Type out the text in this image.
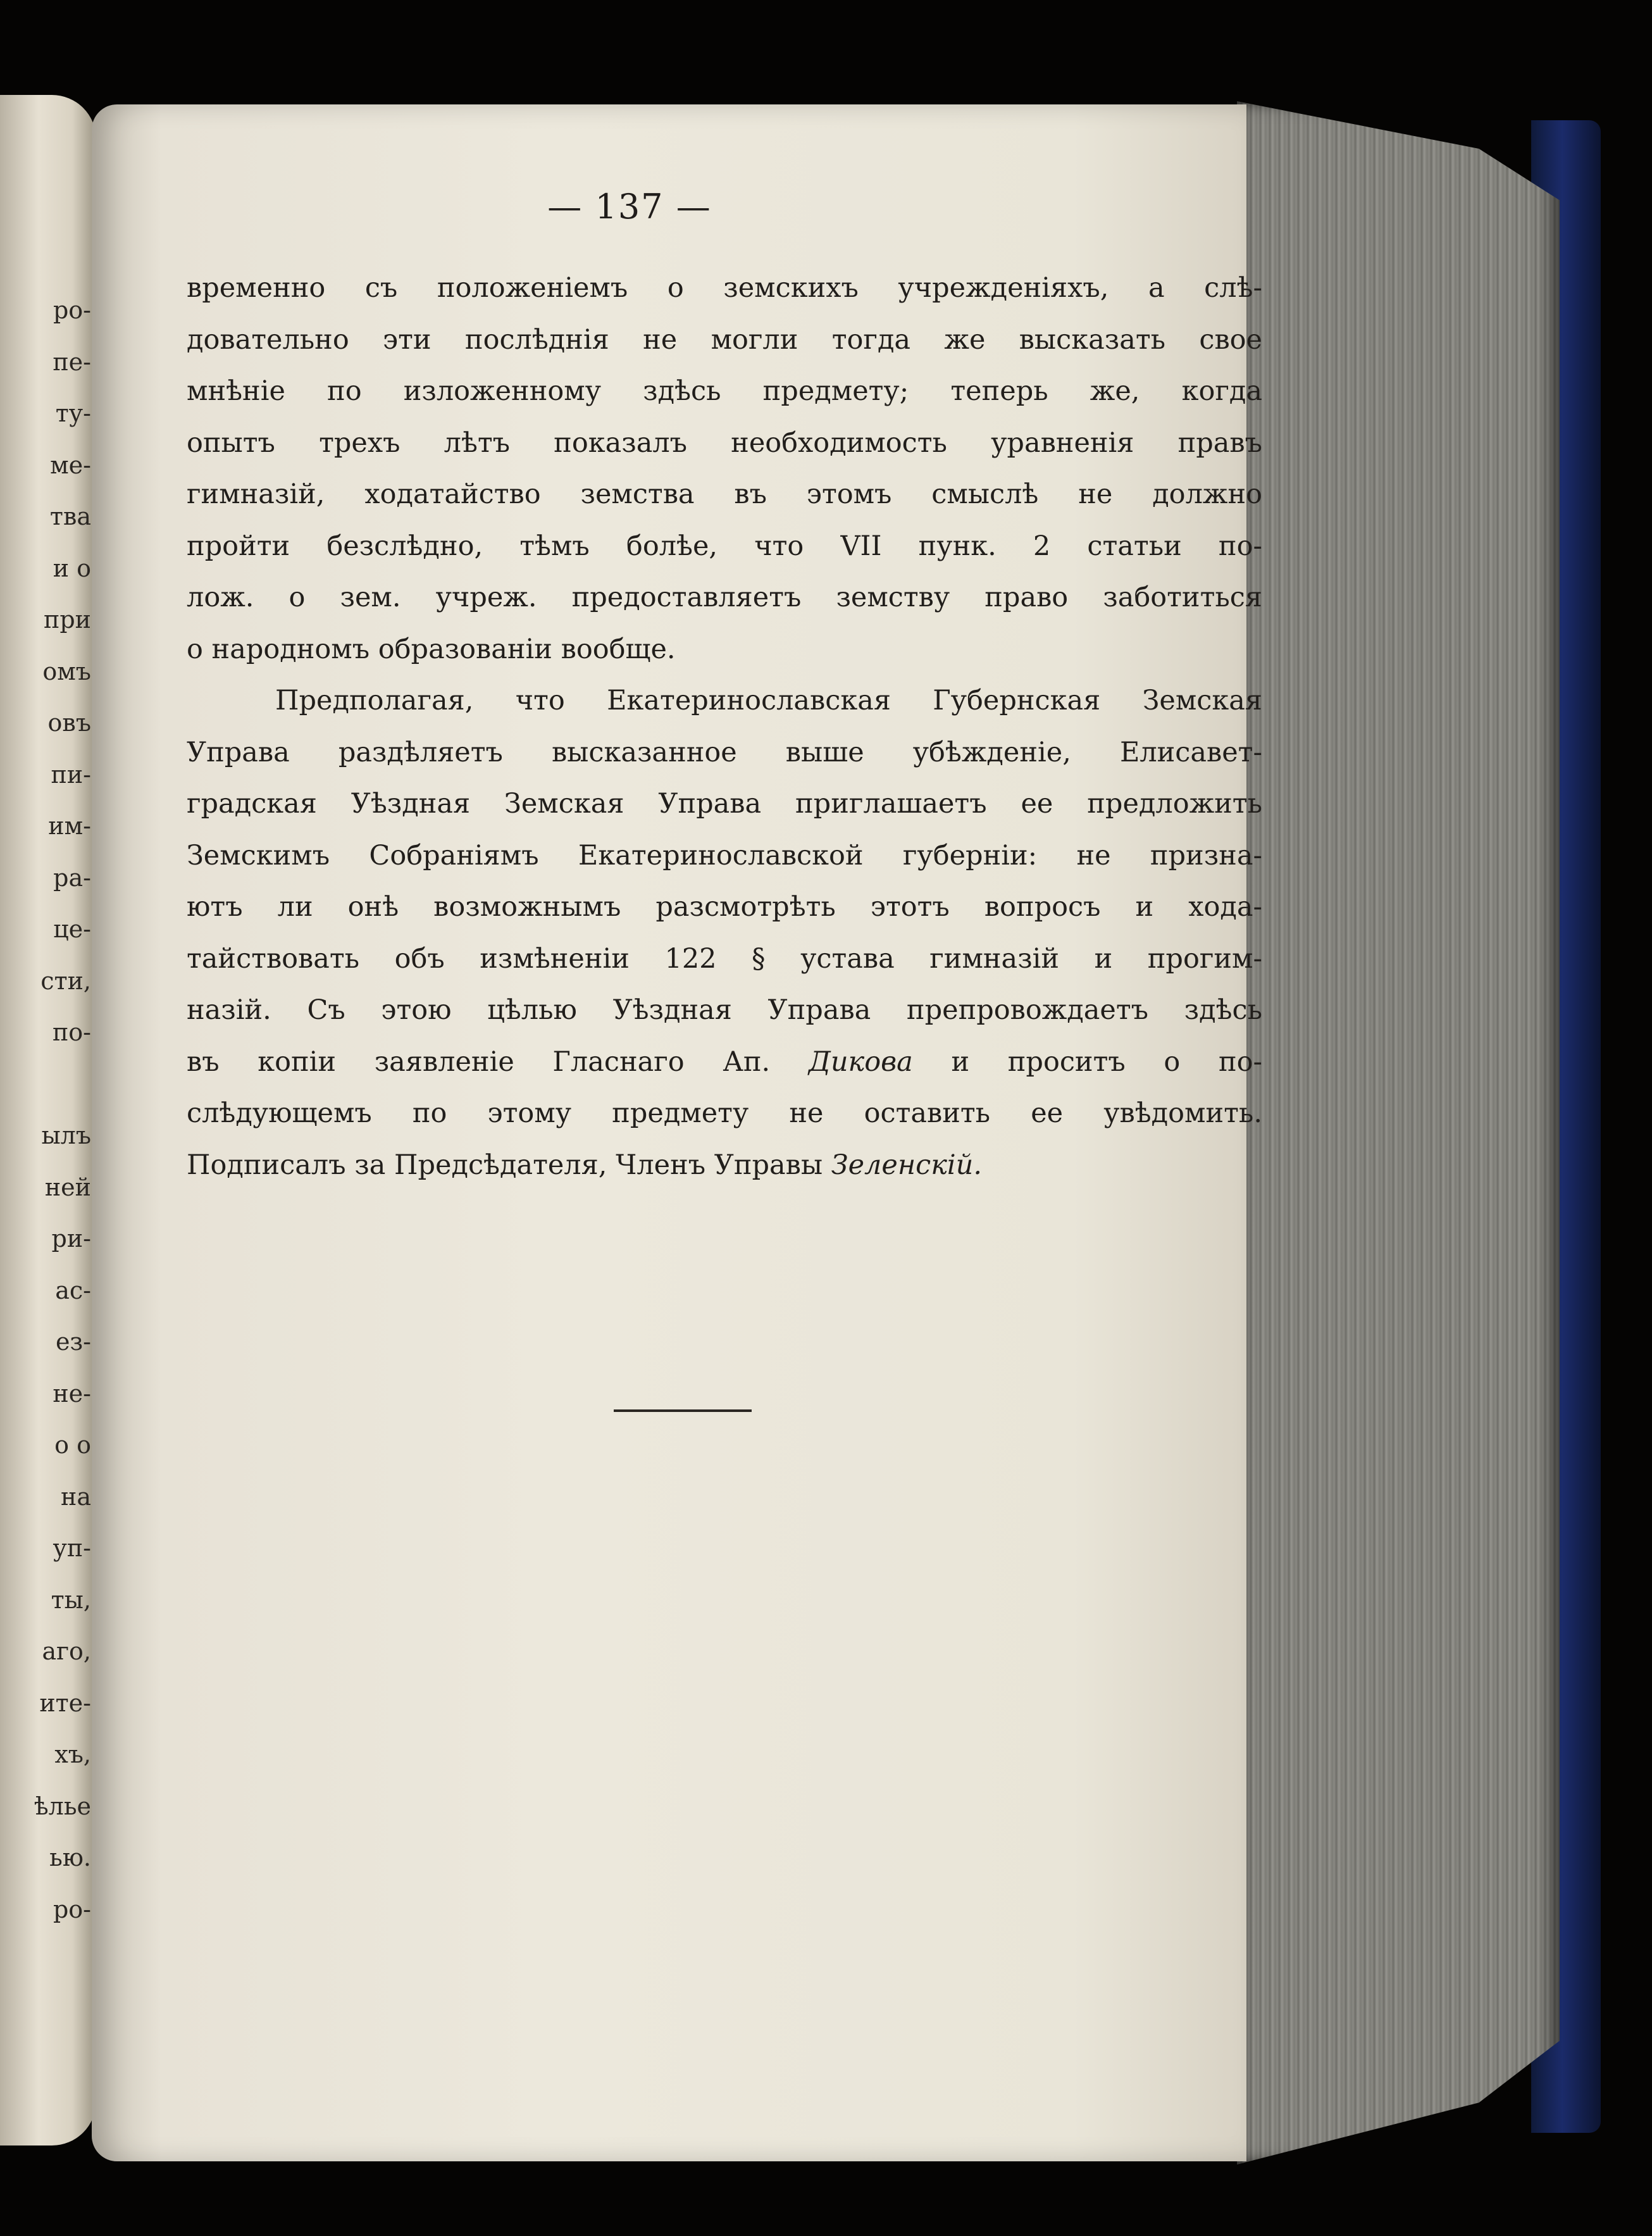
ро-
пе-
ту-
ме-
тва
и о
при
омъ
овъ
пи-
им-
ра-
це-
сти,
по-
ылъ
ней
ри-
ас-
ез-
не-
о о
на
уп-
ты,
аго,
ите-
хъ,
ѣлье
ью.
ро-
— 137 —
временно съ положеніемъ о земскихъ учрежденіяхъ, а слѣ-
довательно эти послѣднія не могли тогда же высказать свое
мнѣніе по изложенному здѣсь предмету; теперь же, когда
опытъ трехъ лѣтъ показалъ необходимость уравненія правъ
гимназій, ходатайство земства въ этомъ смыслѣ не должно
пройти безслѣдно, тѣмъ болѣе, что VII пунк. 2 статьи по-
лож. о зем. учреж. предоставляетъ земству право заботиться
о народномъ образованіи вообще.
Предполагая, что Екатеринославская Губернская Земская
Управа раздѣляетъ высказанное выше убѣжденіе, Елисавет-
градская Уѣздная Земская Управа приглашаетъ ее предложить
Земскимъ Собраніямъ Екатеринославской губерніи: не призна-
ютъ ли онѣ возможнымъ разсмотрѣть этотъ вопросъ и хода-
тайствовать объ измѣненіи 122 § устава гимназій и прогим-
назій. Съ этою цѣлью Уѣздная Управа препровождаетъ здѣсь
въ копіи заявленіе Гласнаго Ап. Дикова и проситъ о по-
слѣдующемъ по этому предмету не оставить ее увѣдомить.
Подписалъ за Предсѣдателя, Членъ Управы Зеленскій.
